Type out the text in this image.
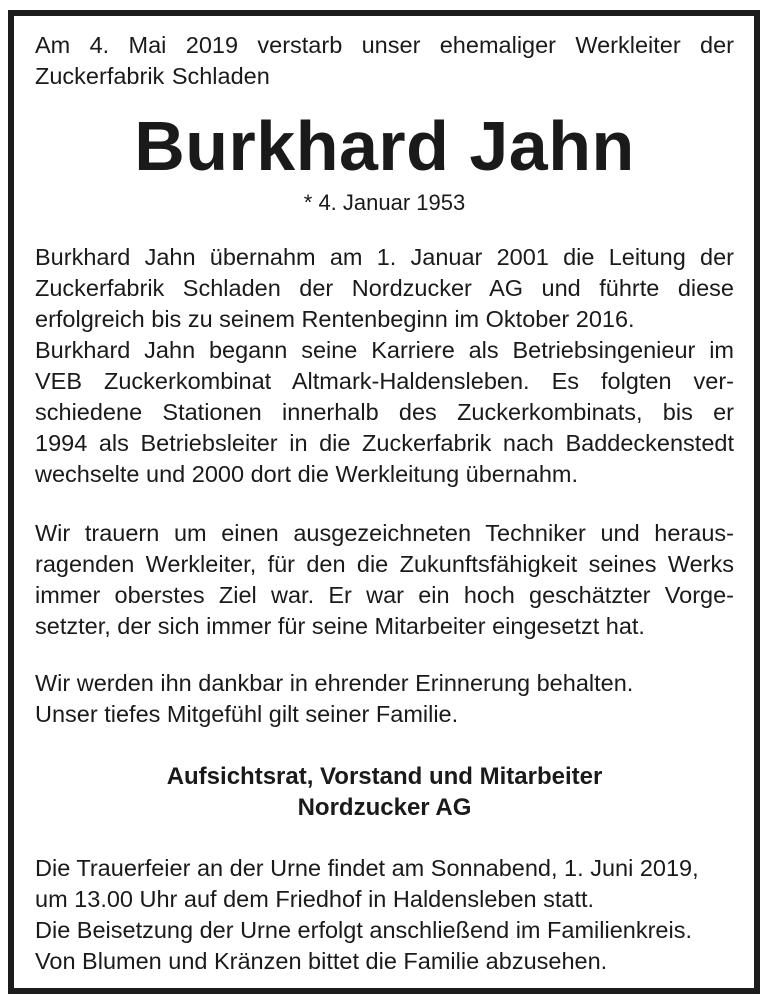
Am 4. Mai 2019 verstarb unser ehemaliger Werkleiter der Zuckerfabrik Schladen

Burkhard Jahn

* 4. Januar 1953

Burkhard Jahn übernahm am 1. Januar 2001 die Leitung der
Zuckerfabrik Schladen der Nordzucker AG und führte diese
erfolgreich bis zu seinem Rentenbeginn im Oktober 2016.
Burkhard Jahn begann seine Karriere als Betriebsingenieur im
VEB Zuckerkombinat Altmark-Haldensleben. Es folgten ver-
schiedene Stationen innerhalb des Zuckerkombinats, bis er
1994 als Betriebsleiter in die Zuckerfabrik nach Baddeckenstedt
wechselte und 2000 dort die Werkleitung übernahm.
Wir trauern um einen ausgezeichneten Techniker und heraus-
ragenden Werkleiter, für den die Zukunftsfähigkeit seines Werks
immer oberstes Ziel war. Er war ein hoch geschätzter Vorge-
setzter, der sich immer für seine Mitarbeiter eingesetzt hat.
Wir werden ihn dankbar in ehrender Erinnerung behalten.
Unser tiefes Mitgefühl gilt seiner Familie.
Aufsichtsrat, Vorstand und Mitarbeiter
Nordzucker AG
Die Trauerfeier an der Urne findet am Sonnabend, 1. Juni 2019,
um 13.00 Uhr auf dem Friedhof in Haldensleben statt.
Die Beisetzung der Urne erfolgt anschließend im Familienkreis.
Von Blumen und Kränzen bittet die Familie abzusehen.
